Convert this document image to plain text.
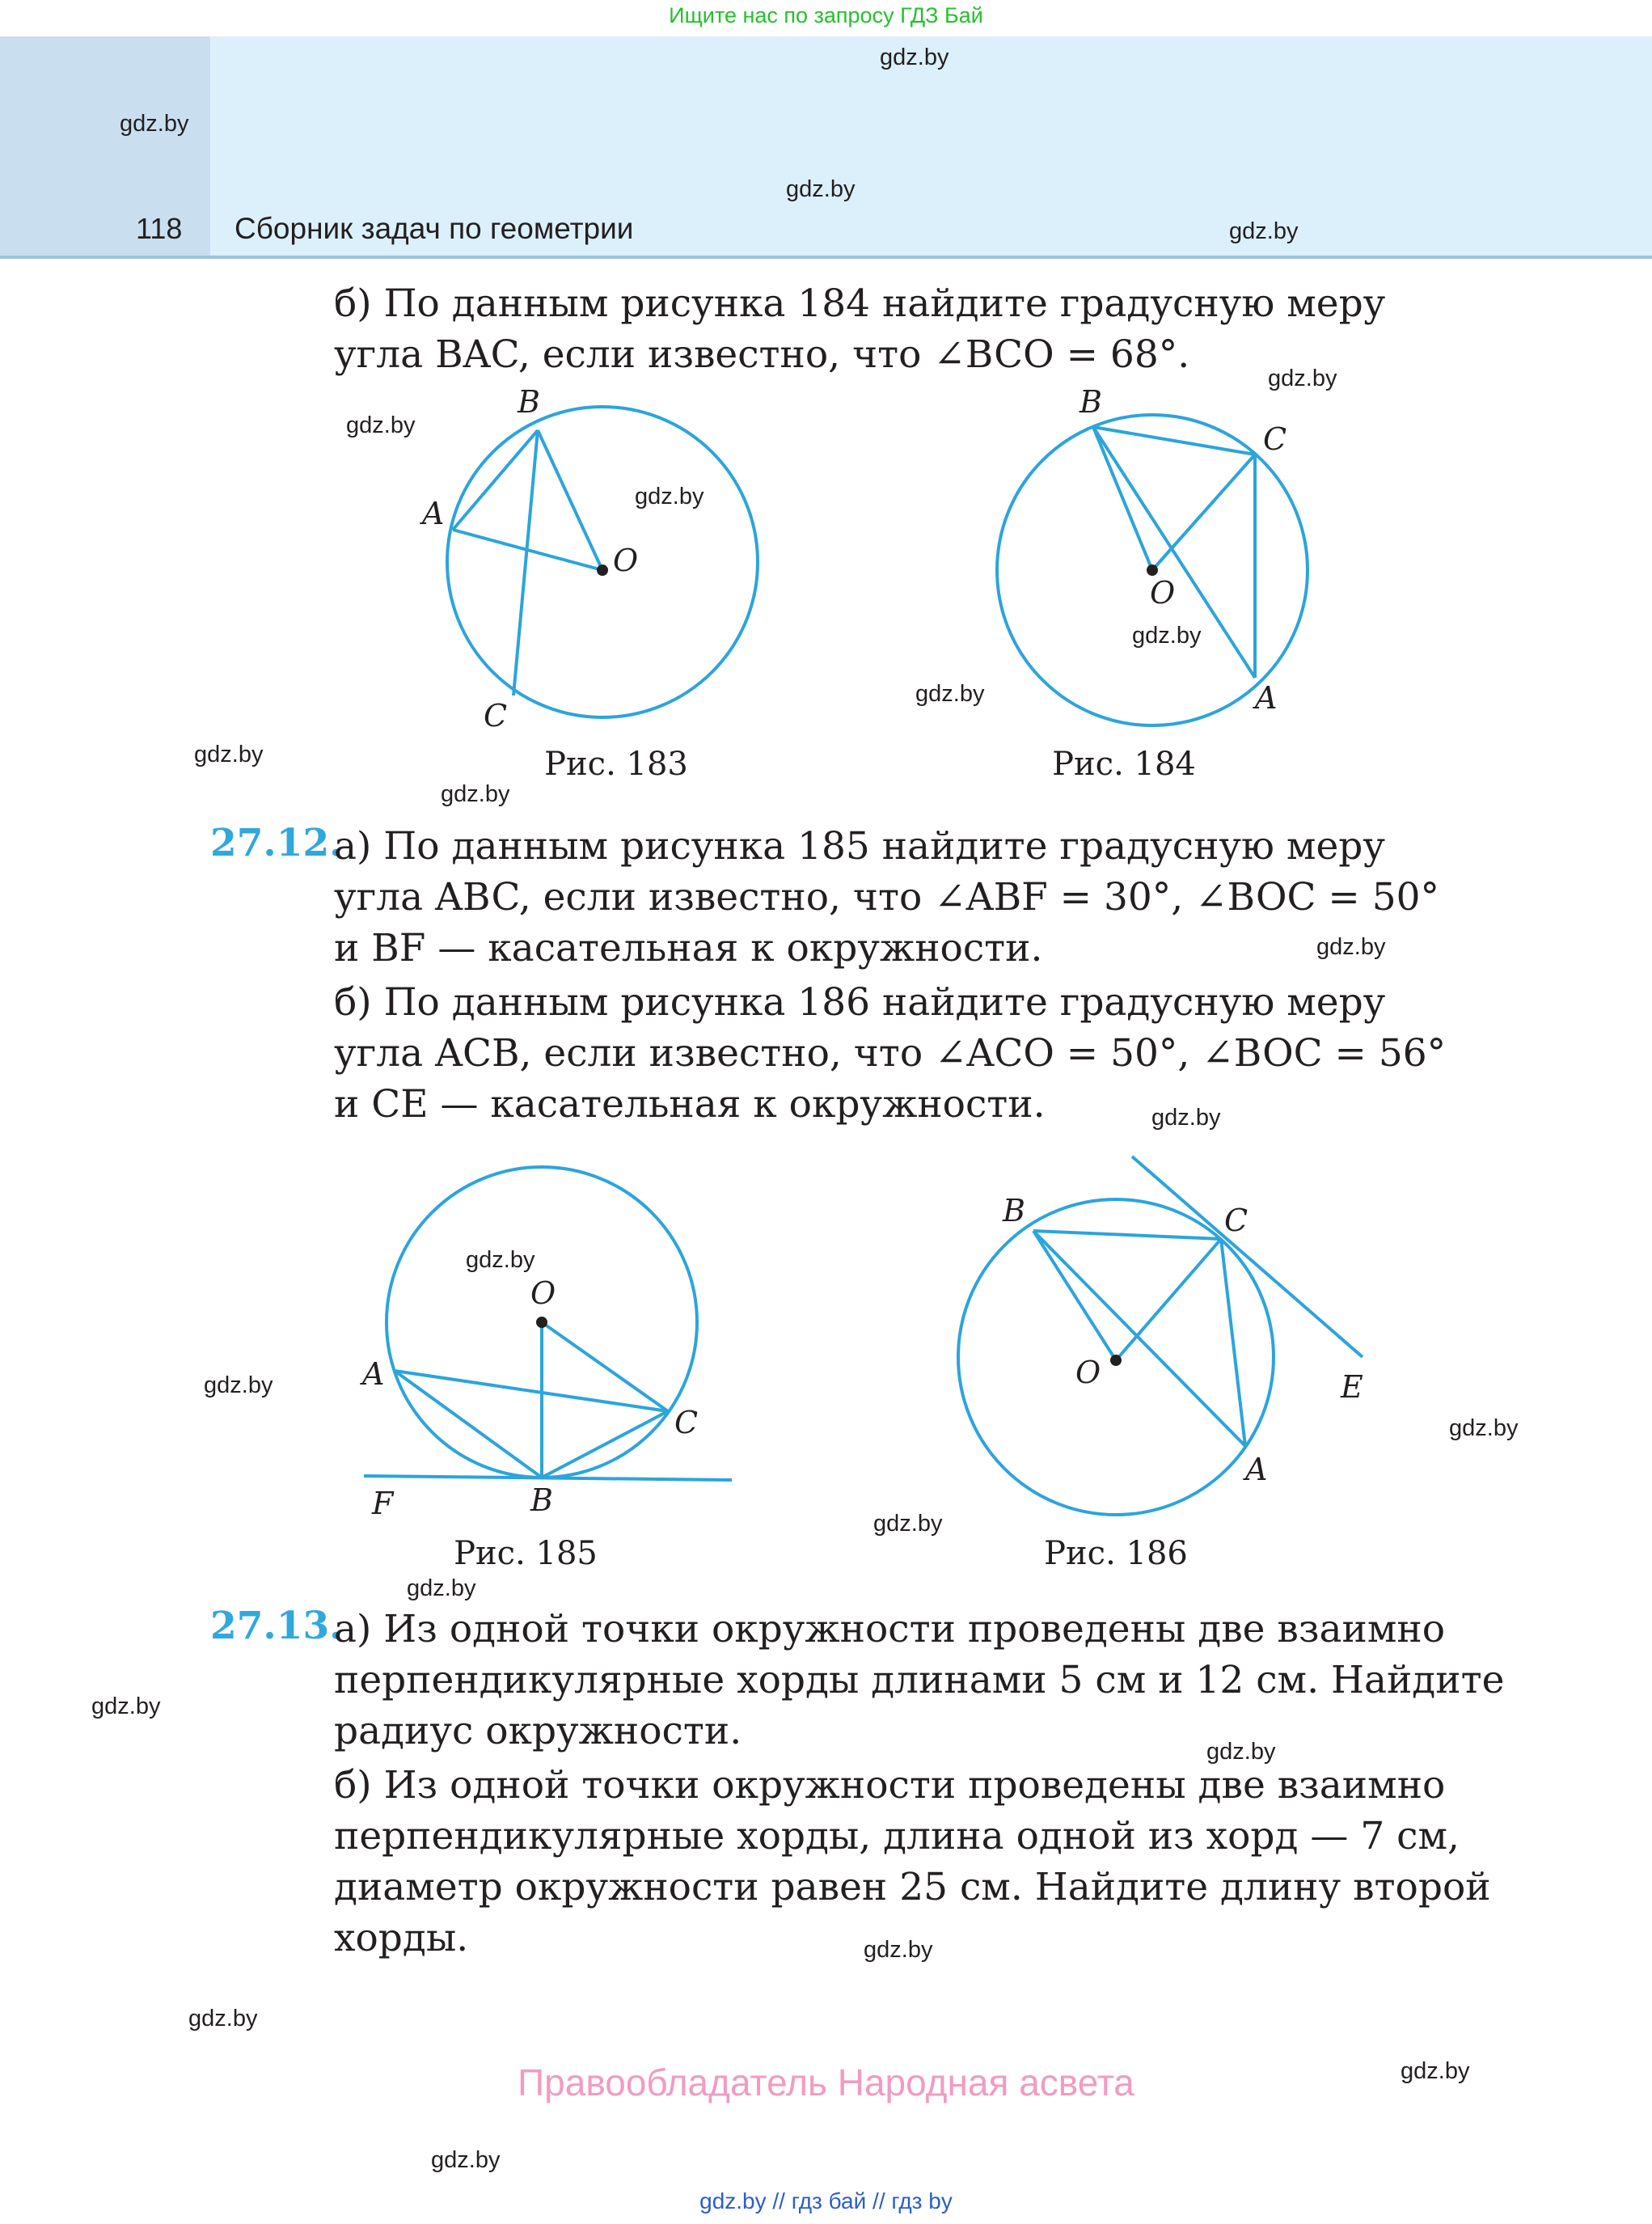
Ищите нас по запросу ГДЗ Бай
118 Сборник задач по геометрии
б) По данным рисунка 184 найдите градусную меру
угла BAC, если известно, что ∠BCO = 68°.
B
A
O
C
Рис. 183
B
C
O
A
Рис. 184
27.12.
а) По данным рисунка 185 найдите градусную меру
угла ABC, если известно, что ∠ABF = 30°, ∠BOC = 50°
и BF — касательная к окружности.
б) По данным рисунка 186 найдите градусную меру
угла ACB, если известно, что ∠ACO = 50°, ∠BOC = 56°
и CE — касательная к окружности.
O
A
C
F	B
Рис. 185
B	C
O	E
A
Рис. 186
27.13.
а) Из одной точки окружности проведены две взаимно
перпендикулярные хорды длинами 5 см и 12 см. Найдите
радиус окружности.
б) Из одной точки окружности проведены две взаимно
перпендикулярные хорды, длина одной из хорд — 7 см,
диаметр окружности равен 25 см. Найдите длину второй
хорды.
gdz.by
gdz.by
gdz.by
gdz.by
gdz.by
gdz.by
gdz.by
gdz.by
gdz.by
gdz.by
gdz.by
gdz.by
gdz.by
gdz.by
gdz.by
gdz.by
gdz.by
gdz.by
gdz.by
gdz.by
gdz.by
gdz.by
gdz.by
gdz.by
Правообладатель Народная асвета
gdz.by // гдз бай // гдз by
